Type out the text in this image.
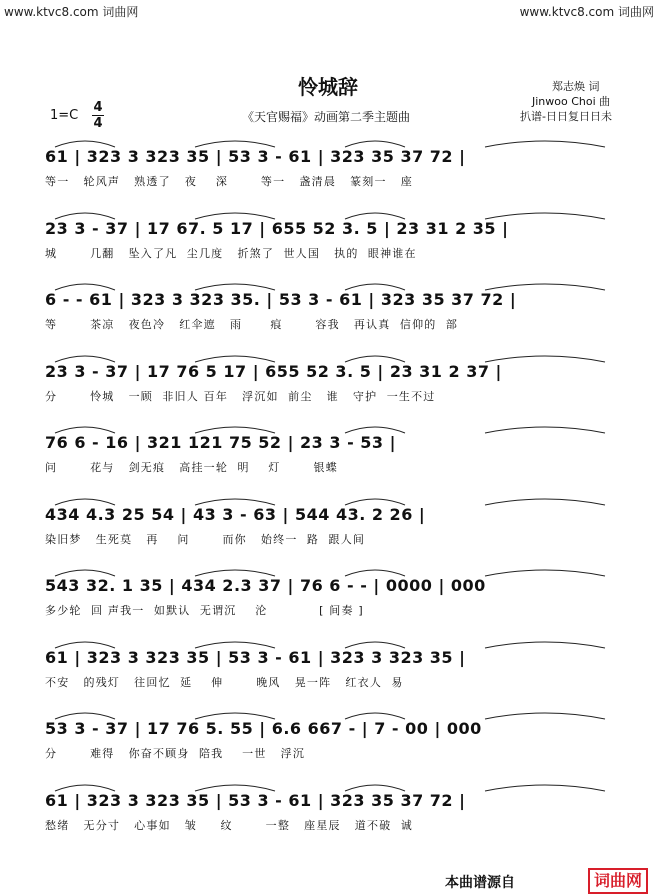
www.ktvc8.com 词曲网	www.ktvc8.com 词曲网
怜城辞
《天官赐福》动画第二季主题曲
1=C
4
4
郑志焕 词
Jinwoo Choi 曲
扒谱-日日复日日未
61 | 323 3 323 35 | 53 3 - 61 | 323 35 37 72 |
等一   轮风声   熟透了   夜    深       等一   盏清晨   篆刻一   座
23 3 - 37 | 17 67. 5 17 | 655 52 3. 5 | 23 31 2 35 |
城       几翻   坠入了凡  尘几度   折煞了  世人国   执的  眼神谁在
6 - - 61 | 323 3 323 35. | 53 3 - 61 | 323 35 37 72 |
等       茶凉   夜色冷   红伞遮   雨      痕       容我   再认真  信仰的  部
23 3 - 37 | 17 76 5 17 | 655 52 3. 5 | 23 31 2 37 |
分       怜城   一顾  非旧人 百年   浮沉如  前尘   谁   守护  一生不过
76 6 - 16 | 321 121 75 52 | 23 3 - 53 |
问       花与   剑无痕   高挂一轮  明    灯       银蝶
434 4.3 25 54 | 43 3 - 63 | 544 43. 2 26 |
染旧梦   生死莫   再    问       而你   始终一  路  跟人间
543 32. 1 35 | 434 2.3 37 | 76 6 - - | 0000 | 000
多少轮  回 声我一  如默认  无谓沉    沦           [ 间奏 ]
61 | 323 3 323 35 | 53 3 - 61 | 323 3 323 35 |
不安   的残灯   往回忆  延    伸       晚风   晃一阵   红衣人  易
53 3 - 37 | 17 76 5. 55 | 6.6 667 - | 7 - 00 | 000
分       难得   你奋不顾身  陪我    一世   浮沉
61 | 323 3 323 35 | 53 3 - 61 | 323 35 37 72 |
愁绪   无分寸   心事如   皱     纹       一整   座星辰   道不破  诚
本曲谱源自	词曲网
